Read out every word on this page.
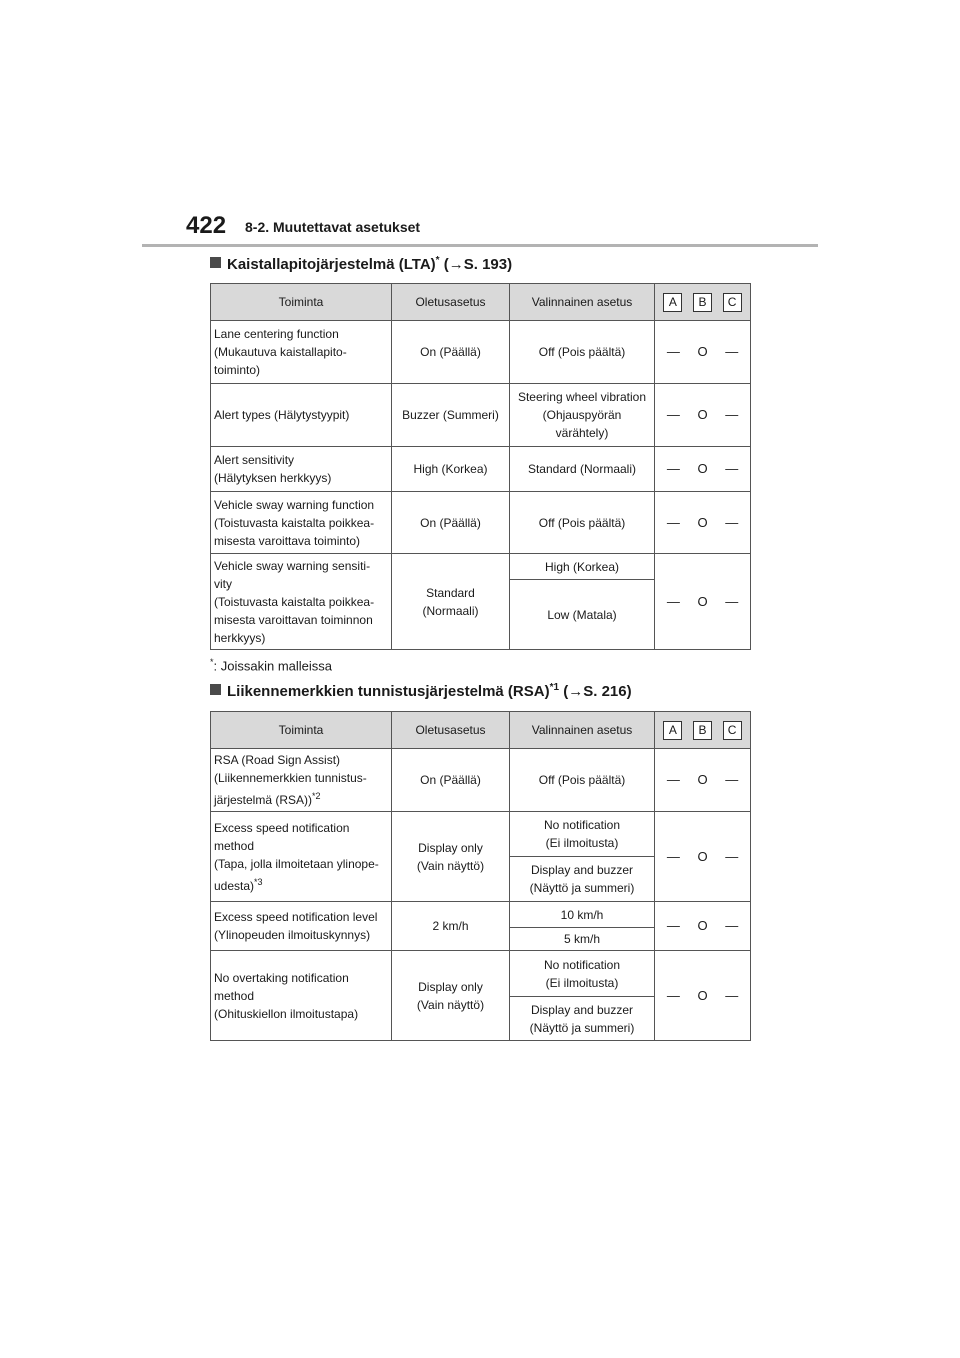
422 8-2. Muutettavat asetukset
Kaistallapitojärjestelmä (LTA)* (→S. 193)
Toiminta	Oletusasetus	Valinnainen asetus	A B C

Lane centering function
(Mukautuva kaistallapito-
toiminto)	On (Päällä)	Off (Pois päältä)	— O —

Alert types (Hälytystyypit)	Buzzer (Summeri)	Steering wheel vibration
(Ohjauspyörän
värähtely)	— O —

Alert sensitivity
(Hälytyksen herkkyys)	High (Korkea)	Standard (Normaali)	— O —

Vehicle sway warning function
(Toistuvasta kaistalta poikkea-
misesta varoittava toiminto)	On (Päällä)	Off (Pois päältä)	— O —

Vehicle sway warning sensiti-
vity
(Toistuvasta kaistalta poikkea-
misesta varoittavan toiminnon
herkkyys)	Standard
(Normaali)	High (Korkea)	— O —

		Low (Matala)	
*: Joissakin malleissa
Liikennemerkkien tunnistusjärjestelmä (RSA)$^{*1}$ (→S. 216)
Toiminta	Oletusasetus	Valinnainen asetus	A B C

RSA (Road Sign Assist)
(Liikennemerkkien tunnistus-
järjestelmä (RSA))$^{*2}$	On (Päällä)	Off (Pois päältä)	— O —

Excess speed notification
method
(Tapa, jolla ilmoitetaan ylinope-
udesta)$^{*3}$	Display only
(Vain näyttö)	No notification
(Ei ilmoitusta)	— O —

		Display and buzzer
(Näyttö ja summeri)	
Excess speed notification level
(Ylinopeuden ilmoituskynnys)	2 km/h	10 km/h	— O —

		5 km/h	
No overtaking notification
method
(Ohituskiellon ilmoitustapa)	Display only
(Vain näyttö)	No notification
(Ei ilmoitusta)	— O —

		Display and buzzer
(Näyttö ja summeri)	
